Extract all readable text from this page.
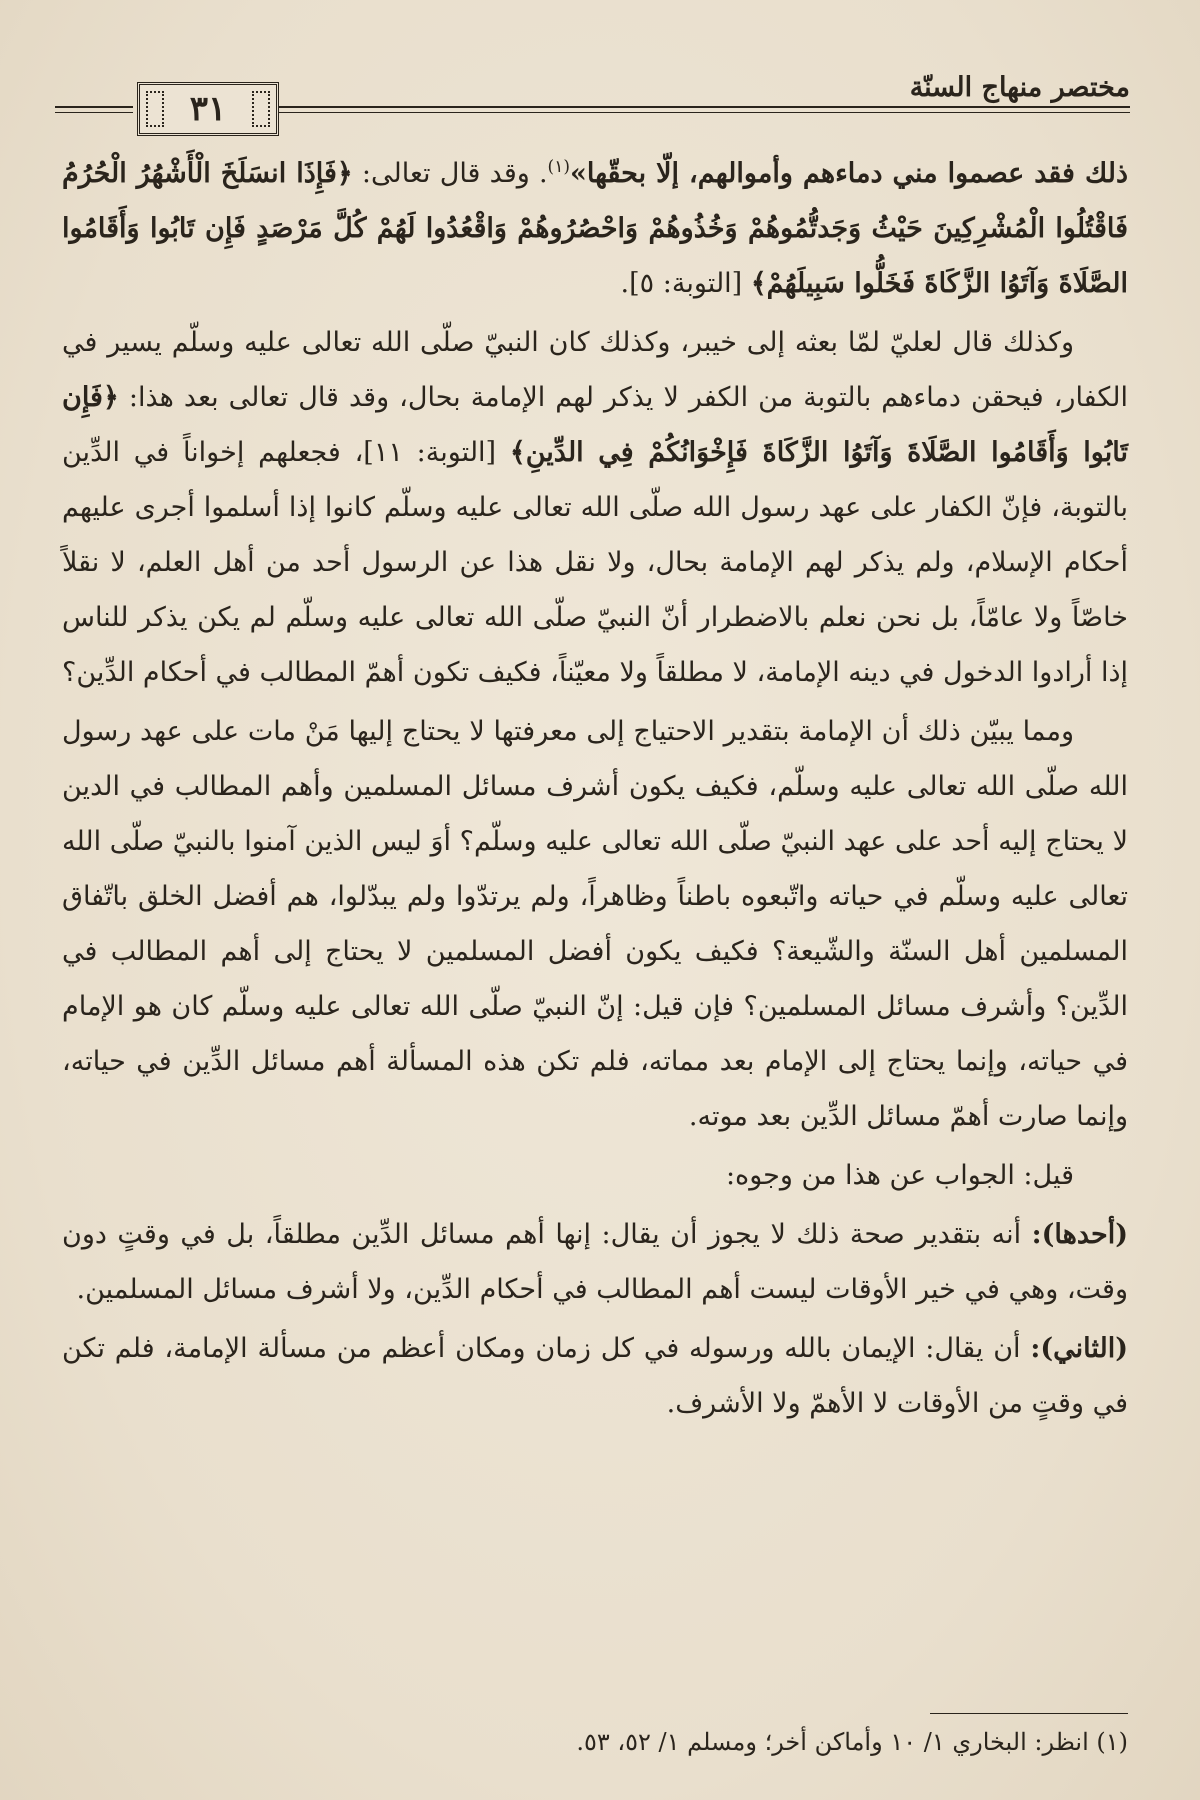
٣١
مختصر منهاج السنّة

ذلك فقد عصموا مني دماءهم وأموالهم، إلّا بحقّها»$^{(١)}$. وقد قال تعالى: ﴿فَإِذَا انسَلَخَ الْأَشْهُرُ الْحُرُمُ فَاقْتُلُوا الْمُشْرِكِينَ حَيْثُ وَجَدتُّمُوهُمْ وَخُذُوهُمْ وَاحْصُرُوهُمْ وَاقْعُدُوا لَهُمْ كُلَّ مَرْصَدٍ فَإِن تَابُوا وَأَقَامُوا الصَّلَاةَ وَآتَوُا الزَّكَاةَ فَخَلُّوا سَبِيلَهُمْ﴾ [التوبة: ٥].

وكذلك قال لعليّ لمّا بعثه إلى خيبر، وكذلك كان النبيّ صلّى الله تعالى عليه وسلّم يسير في الكفار، فيحقن دماءهم بالتوبة من الكفر لا يذكر لهم الإمامة بحال، وقد قال تعالى بعد هذا: ﴿فَإِن تَابُوا وَأَقَامُوا الصَّلَاةَ وَآتَوُا الزَّكَاةَ فَإِخْوَانُكُمْ فِي الدِّينِ﴾ [التوبة: ١١]، فجعلهم إخواناً في الدِّين بالتوبة، فإنّ الكفار على عهد رسول الله صلّى الله تعالى عليه وسلّم كانوا إذا أسلموا أجرى عليهم أحكام الإسلام، ولم يذكر لهم الإمامة بحال، ولا نقل هذا عن الرسول أحد من أهل العلم، لا نقلاً خاصّاً ولا عامّاً، بل نحن نعلم بالاضطرار أنّ النبيّ صلّى الله تعالى عليه وسلّم لم يكن يذكر للناس إذا أرادوا الدخول في دينه الإمامة، لا مطلقاً ولا معيّناً، فكيف تكون أهمّ المطالب في أحكام الدِّين؟

ومما يبيّن ذلك أن الإمامة بتقدير الاحتياج إلى معرفتها لا يحتاج إليها مَنْ مات على عهد رسول الله صلّى الله تعالى عليه وسلّم، فكيف يكون أشرف مسائل المسلمين وأهم المطالب في الدين لا يحتاج إليه أحد على عهد النبيّ صلّى الله تعالى عليه وسلّم؟ أوَ ليس الذين آمنوا بالنبيّ صلّى الله تعالى عليه وسلّم في حياته واتّبعوه باطناً وظاهراً، ولم يرتدّوا ولم يبدّلوا، هم أفضل الخلق باتّفاق المسلمين أهل السنّة والشّيعة؟ فكيف يكون أفضل المسلمين لا يحتاج إلى أهم المطالب في الدِّين؟ وأشرف مسائل المسلمين؟ فإن قيل: إنّ النبيّ صلّى الله تعالى عليه وسلّم كان هو الإمام في حياته، وإنما يحتاج إلى الإمام بعد مماته، فلم تكن هذه المسألة أهم مسائل الدِّين في حياته، وإنما صارت أهمّ مسائل الدِّين بعد موته.

قيل: الجواب عن هذا من وجوه:

(أحدها): أنه بتقدير صحة ذلك لا يجوز أن يقال: إنها أهم مسائل الدِّين مطلقاً، بل في وقتٍ دون وقت، وهي في خير الأوقات ليست أهم المطالب في أحكام الدِّين، ولا أشرف مسائل المسلمين.

(الثاني): أن يقال: الإيمان بالله ورسوله في كل زمان ومكان أعظم من مسألة الإمامة، فلم تكن في وقتٍ من الأوقات لا الأهمّ ولا الأشرف.

(١) انظر: البخاري ١/ ١٠ وأماكن أخر؛ ومسلم ١/ ٥٢، ٥٣.
